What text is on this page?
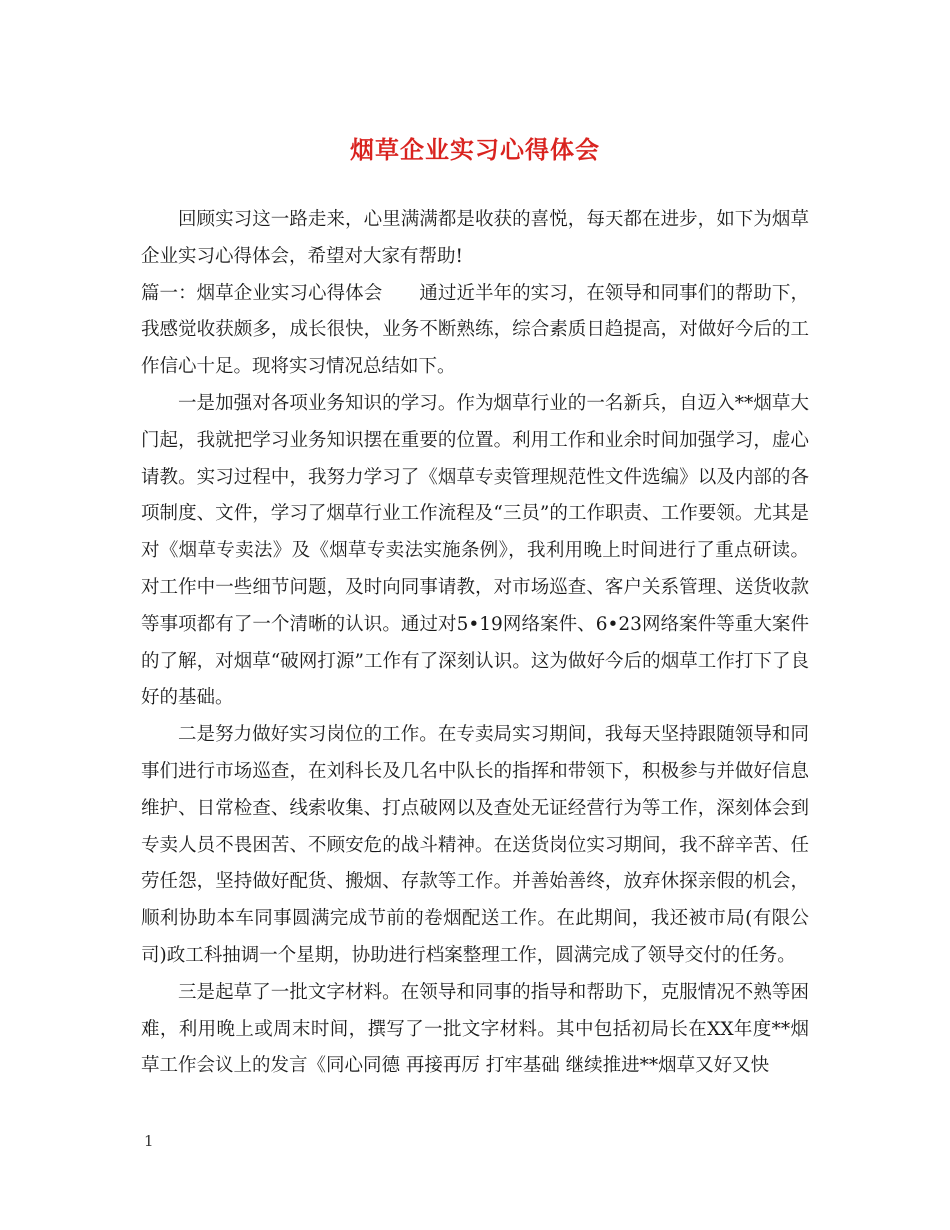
烟草企业实习心得体会

回顾实习这一路走来，心里满满都是收获的喜悦，每天都在进步，如下为烟草企业实习心得体会，希望对大家有帮助!

篇一：烟草企业实习心得体会 通过近半年的实习，在领导和同事们的帮助下，我感觉收获颇多，成长很快，业务不断熟练，综合素质日趋提高，对做好今后的工作信心十足。现将实习情况总结如下。

一是加强对各项业务知识的学习。作为烟草行业的一名新兵，自迈入**烟草大门起，我就把学习业务知识摆在重要的位置。利用工作和业余时间加强学习，虚心请教。实习过程中，我努力学习了《烟草专卖管理规范性文件选编》以及内部的各项制度、文件，学习了烟草行业工作流程及“三员”的工作职责、工作要领。尤其是对《烟草专卖法》及《烟草专卖法实施条例》，我利用晚上时间进行了重点研读。对工作中一些细节问题，及时向同事请教，对市场巡查、客户关系管理、送货收款等事项都有了一个清晰的认识。通过对5•19网络案件、6•23网络案件等重大案件的了解，对烟草“破网打源”工作有了深刻认识。这为做好今后的烟草工作打下了良好的基础。

二是努力做好实习岗位的工作。在专卖局实习期间，我每天坚持跟随领导和同事们进行市场巡查，在刘科长及几名中队长的指挥和带领下，积极参与并做好信息维护、日常检查、线索收集、打点破网以及查处无证经营行为等工作，深刻体会到专卖人员不畏困苦、不顾安危的战斗精神。在送货岗位实习期间，我不辞辛苦、任劳任怨，坚持做好配货、搬烟、存款等工作。并善始善终，放弃休探亲假的机会，顺利协助本车同事圆满完成节前的卷烟配送工作。在此期间，我还被市局(有限公司)政工科抽调一个星期，协助进行档案整理工作，圆满完成了领导交付的任务。

三是起草了一批文字材料。在领导和同事的指导和帮助下，克服情况不熟等困难，利用晚上或周末时间，撰写了一批文字材料。其中包括初局长在XX年度**烟草工作会议上的发言《同心同德 再接再厉 打牢基础 继续推进**烟草又好又快

1
